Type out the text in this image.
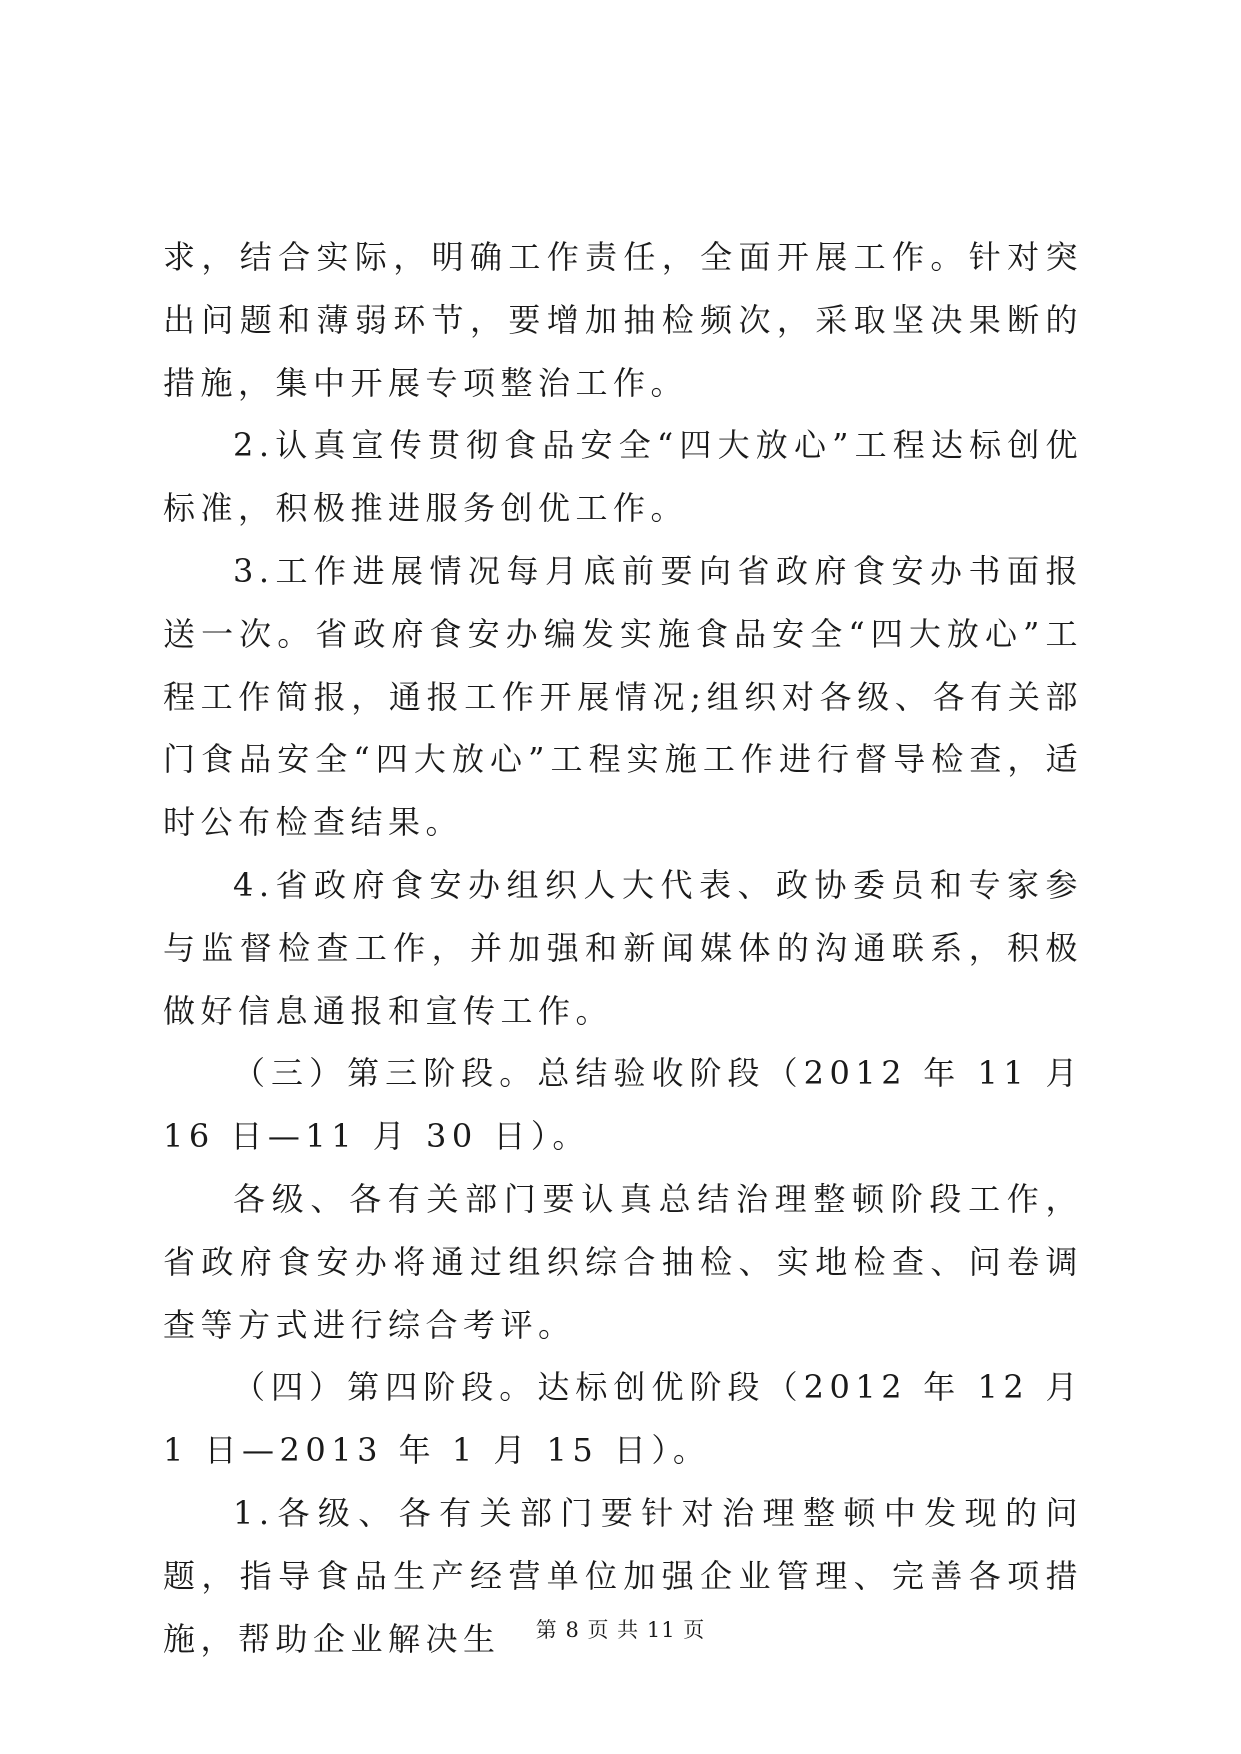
求，结合实际，明确工作责任，全面开展工作。针对突出问题和薄弱环节，要增加抽检频次，采取坚决果断的措施，集中开展专项整治工作。

2.认真宣传贯彻食品安全“四大放心”工程达标创优标准，积极推进服务创优工作。

3.工作进展情况每月底前要向省政府食安办书面报送一次。省政府食安办编发实施食品安全“四大放心”工程工作简报，通报工作开展情况;组织对各级、各有关部门食品安全“四大放心”工程实施工作进行督导检查，适时公布检查结果。

4.省政府食安办组织人大代表、政协委员和专家参与监督检查工作，并加强和新闻媒体的沟通联系，积极做好信息通报和宣传工作。

（三）第三阶段。总结验收阶段（2012 年 11 月 16 日—11 月 30 日）。

各级、各有关部门要认真总结治理整顿阶段工作，省政府食安办将通过组织综合抽检、实地检查、问卷调查等方式进行综合考评。

（四）第四阶段。达标创优阶段（2012 年 12 月 1 日—2013 年 1 月 15 日）。

1.各级、各有关部门要针对治理整顿中发现的问题，指导食品生产经营单位加强企业管理、完善各项措施，帮助企业解决生	第 8 页 共 11 页
